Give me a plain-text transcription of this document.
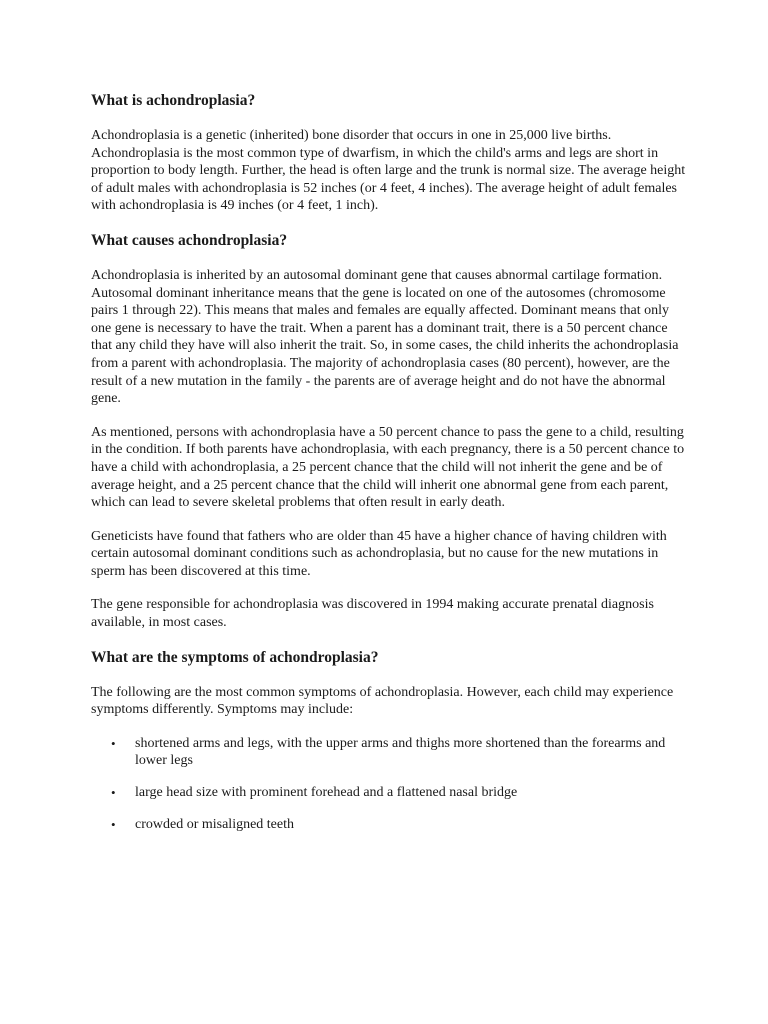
What is achondroplasia?

Achondroplasia is a genetic (inherited) bone disorder that occurs in one in 25,000 live births. Achondroplasia is the most common type of dwarfism, in which the child's arms and legs are short in proportion to body length. Further, the head is often large and the trunk is normal size. The average height of adult males with achondroplasia is 52 inches (or 4 feet, 4 inches). The average height of adult females with achondroplasia is 49 inches (or 4 feet, 1 inch).

What causes achondroplasia?

Achondroplasia is inherited by an autosomal dominant gene that causes abnormal cartilage formation. Autosomal dominant inheritance means that the gene is located on one of the autosomes (chromosome pairs 1 through 22). This means that males and females are equally affected. Dominant means that only one gene is necessary to have the trait. When a parent has a dominant trait, there is a 50 percent chance that any child they have will also inherit the trait. So, in some cases, the child inherits the achondroplasia from a parent with achondroplasia. The majority of achondroplasia cases (80 percent), however, are the result of a new mutation in the family - the parents are of average height and do not have the abnormal gene.

As mentioned, persons with achondroplasia have a 50 percent chance to pass the gene to a child, resulting in the condition. If both parents have achondroplasia, with each pregnancy, there is a 50 percent chance to have a child with achondroplasia, a 25 percent chance that the child will not inherit the gene and be of average height, and a 25 percent chance that the child will inherit one abnormal gene from each parent, which can lead to severe skeletal problems that often result in early death.

Geneticists have found that fathers who are older than 45 have a higher chance of having children with certain autosomal dominant conditions such as achondroplasia, but no cause for the new mutations in sperm has been discovered at this time.

The gene responsible for achondroplasia was discovered in 1994 making accurate prenatal diagnosis available, in most cases.

What are the symptoms of achondroplasia?

The following are the most common symptoms of achondroplasia. However, each child may experience symptoms differently. Symptoms may include:

• shortened arms and legs, with the upper arms and thighs more shortened than the forearms and lower legs
• large head size with prominent forehead and a flattened nasal bridge
• crowded or misaligned teeth
